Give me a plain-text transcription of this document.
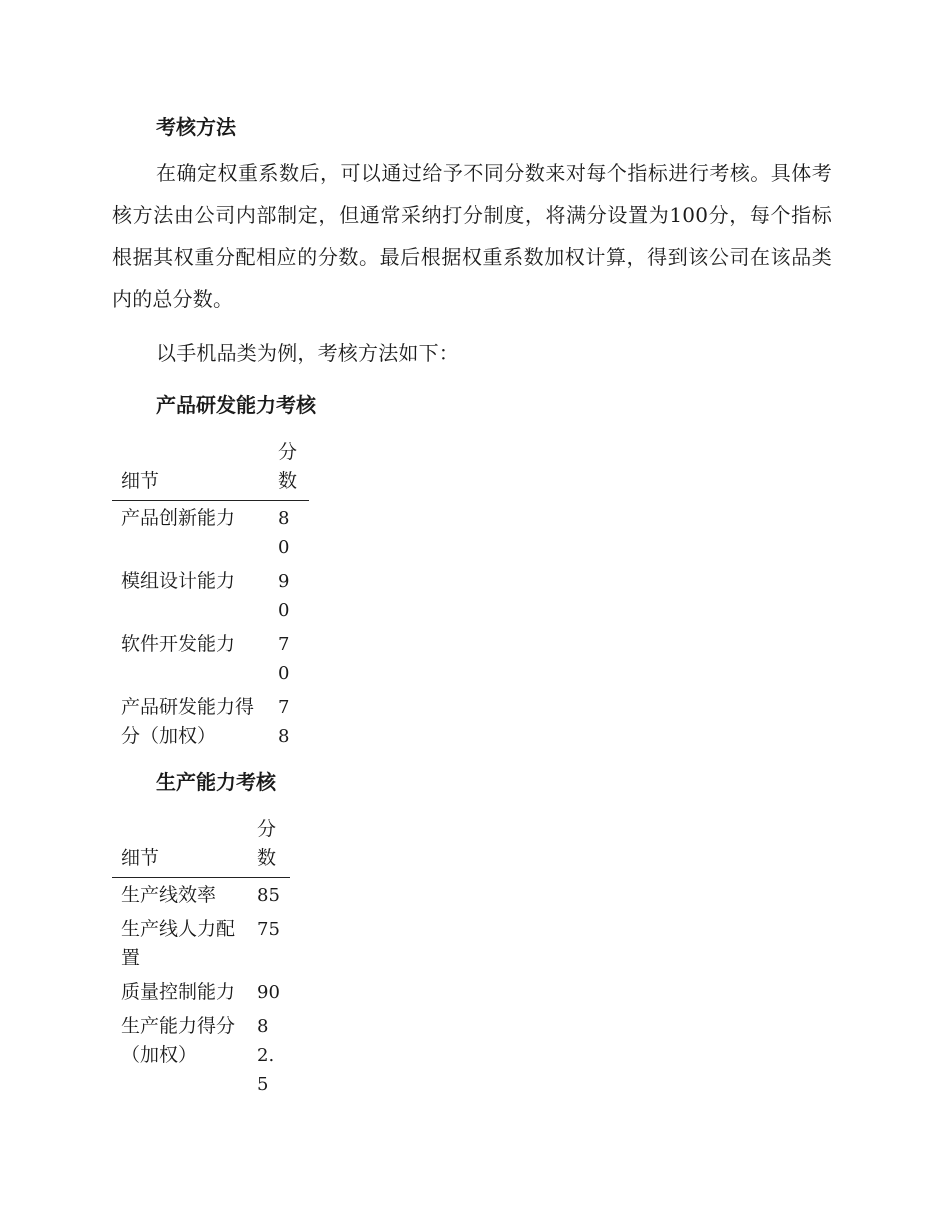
考核方法

在确定权重系数后，可以通过给予不同分数来对每个指标进行考核。具体考核方法由公司内部制定，但通常采纳打分制度，将满分设置为100分，每个指标根据其权重分配相应的分数。最后根据权重系数加权计算，得到该公司在该品类内的总分数。

以手机品类为例，考核方法如下：

产品研发能力考核
细节	分数
产品创新能力	80
模组设计能力	90
软件开发能力	70
产品研发能力得分（加权）	78
生产能力考核
细节	分数
生产线效率	85
生产线人力配置	75
质量控制能力	90
生产能力得分（加权）	82.5
